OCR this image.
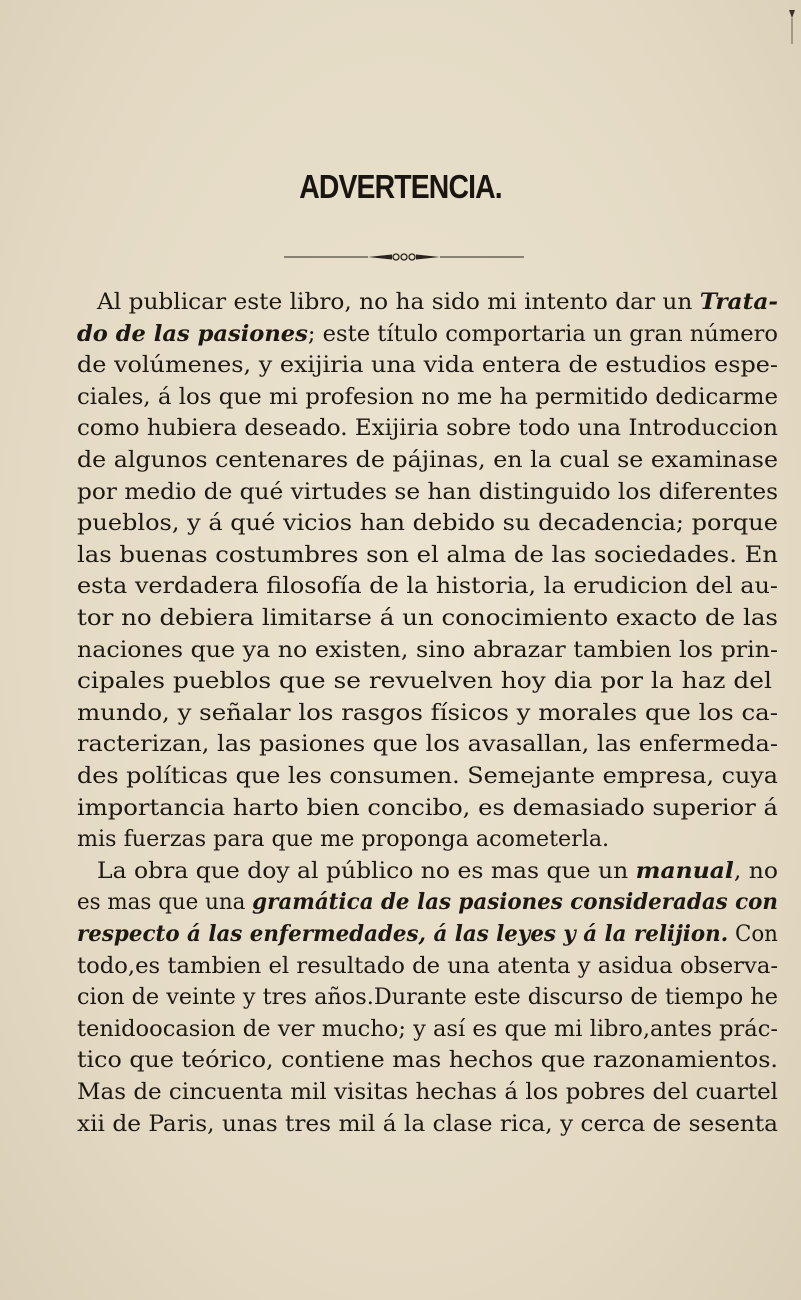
ADVERTENCIA.
Al publicar este libro, no ha sido mi intento dar un Trata-
do de las pasiones; este título comportaria un gran número
de volúmenes, y exijiria una vida entera de estudios espe-
ciales, á los que mi profesion no me ha permitido dedicarme
como hubiera deseado. Exijiria sobre todo una Introduccion
de algunos centenares de pájinas, en la cual se examinase
por medio de qué virtudes se han distinguido los diferentes
pueblos, y á qué vicios han debido su decadencia; porque
las buenas costumbres son el alma de las sociedades. En
esta verdadera filosofía de la historia, la erudicion del au-
tor no debiera limitarse á un conocimiento exacto de las
naciones que ya no existen, sino abrazar tambien los prin-
cipales pueblos que se revuelven hoy dia por la haz del
mundo, y señalar los rasgos físicos y morales que los ca-
racterizan, las pasiones que los avasallan, las enfermeda-
des políticas que les consumen. Semejante empresa, cuya
importancia harto bien concibo, es demasiado superior á
mis fuerzas para que me proponga acometerla.
La obra que doy al público no es mas que un manual, no
es mas que una gramática de las pasiones consideradas con
respecto á las enfermedades, á las leyes y á la relijion. Con
todo,es tambien el resultado de una atenta y asidua observa-
cion de veinte y tres años.Durante este discurso de tiempo he
tenidoocasion de ver mucho; y así es que mi libro,antes prác-
tico que teórico, contiene mas hechos que razonamientos.
Mas de cincuenta mil visitas hechas á los pobres del cuartel
xii de Paris, unas tres mil á la clase rica, y cerca de sesenta
